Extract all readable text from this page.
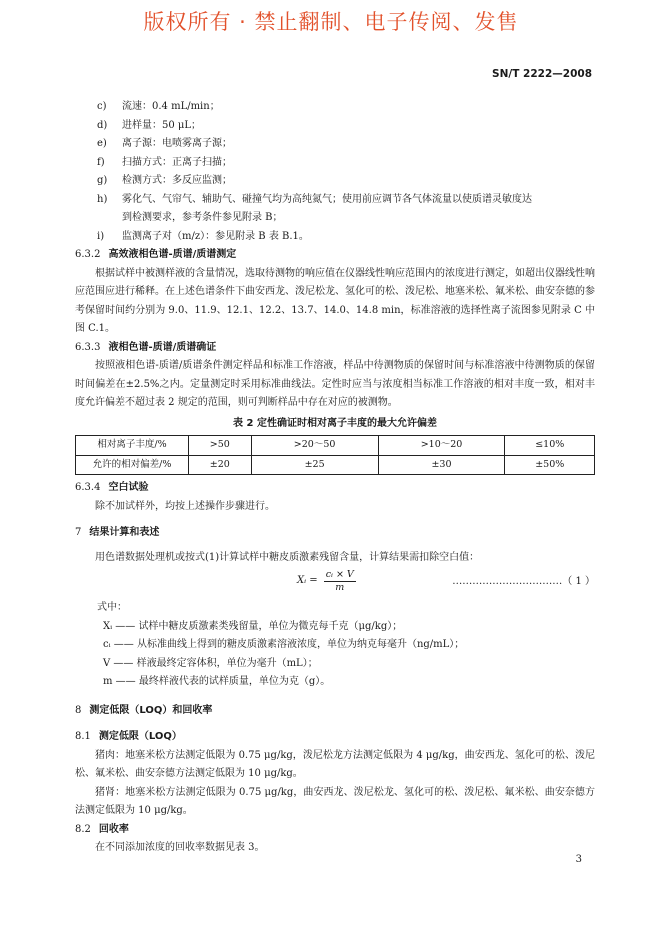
版权所有 · 禁止翻制、电子传阅、发售
SN/T 2222—2008
c)	流速：0.4 mL/min；
d)	进样量：50 μL；
e)	离子源：电喷雾离子源；
f)	扫描方式：正离子扫描；
g)	检测方式：多反应监测；
h)	雾化气、气帘气、辅助气、碰撞气均为高纯氮气；使用前应调节各气体流量以使质谱灵敏度达
到检测要求，参考条件参见附录 B；
i)	监测离子对（m/z）：参见附录 B 表 B.1。
6.3.2 高效液相色谱-质谱/质谱测定
根据试样中被测样液的含量情况，选取待测物的响应值在仪器线性响应范围内的浓度进行测定，如超出仪器线性响应范围应进行稀释。在上述色谱条件下曲安西龙、泼尼松龙、氢化可的松、泼尼松、地塞米松、氟米松、曲安奈德的参考保留时间约分别为 9.0、11.9、12.1、12.2、13.7、14.0、14.8 min，标准溶液的选择性离子流图参见附录 C 中图 C.1。
6.3.3 液相色谱-质谱/质谱确证
按照液相色谱-质谱/质谱条件测定样品和标准工作溶液，样品中待测物质的保留时间与标准溶液中待测物质的保留时间偏差在±2.5%之内。定量测定时采用标准曲线法。定性时应当与浓度相当标准工作溶液的相对丰度一致，相对丰度允许偏差不超过表 2 规定的范围，则可判断样品中存在对应的被测物。
表 2 定性确证时相对离子丰度的最大允许偏差
相对离子丰度/%	>50	>20～50	>10～20	≤10%
允许的相对偏差/%	±20	±25	±30	±50%
6.3.4 空白试验
除不加试样外，均按上述操作步骤进行。
7 结果计算和表述
用色谱数据处理机或按式(1)计算试样中糖皮质激素残留含量，计算结果需扣除空白值：
Xᵢ = $\frac{\text{cᵢ × V}}{m}$	……………………………（ 1 ）
式中：
Xᵢ —— 试样中糖皮质激素类残留量，单位为微克每千克（μg/kg）；
cᵢ —— 从标准曲线上得到的糖皮质激素溶液浓度，单位为纳克每毫升（ng/mL）；
V —— 样液最终定容体积，单位为毫升（mL）；
m —— 最终样液代表的试样质量，单位为克（g）。
8 测定低限（LOQ）和回收率
8.1 测定低限（LOQ）
猪肉：地塞米松方法测定低限为 0.75 μg/kg，泼尼松龙方法测定低限为 4 μg/kg，曲安西龙、氢化可的松、泼尼松、氟米松、曲安奈德方法测定低限为 10 μg/kg。
猪肾：地塞米松方法测定低限为 0.75 μg/kg，曲安西龙、泼尼松龙、氢化可的松、泼尼松、氟米松、曲安奈德方法测定低限为 10 μg/kg。
8.2 回收率
在不同添加浓度的回收率数据见表 3。
3
